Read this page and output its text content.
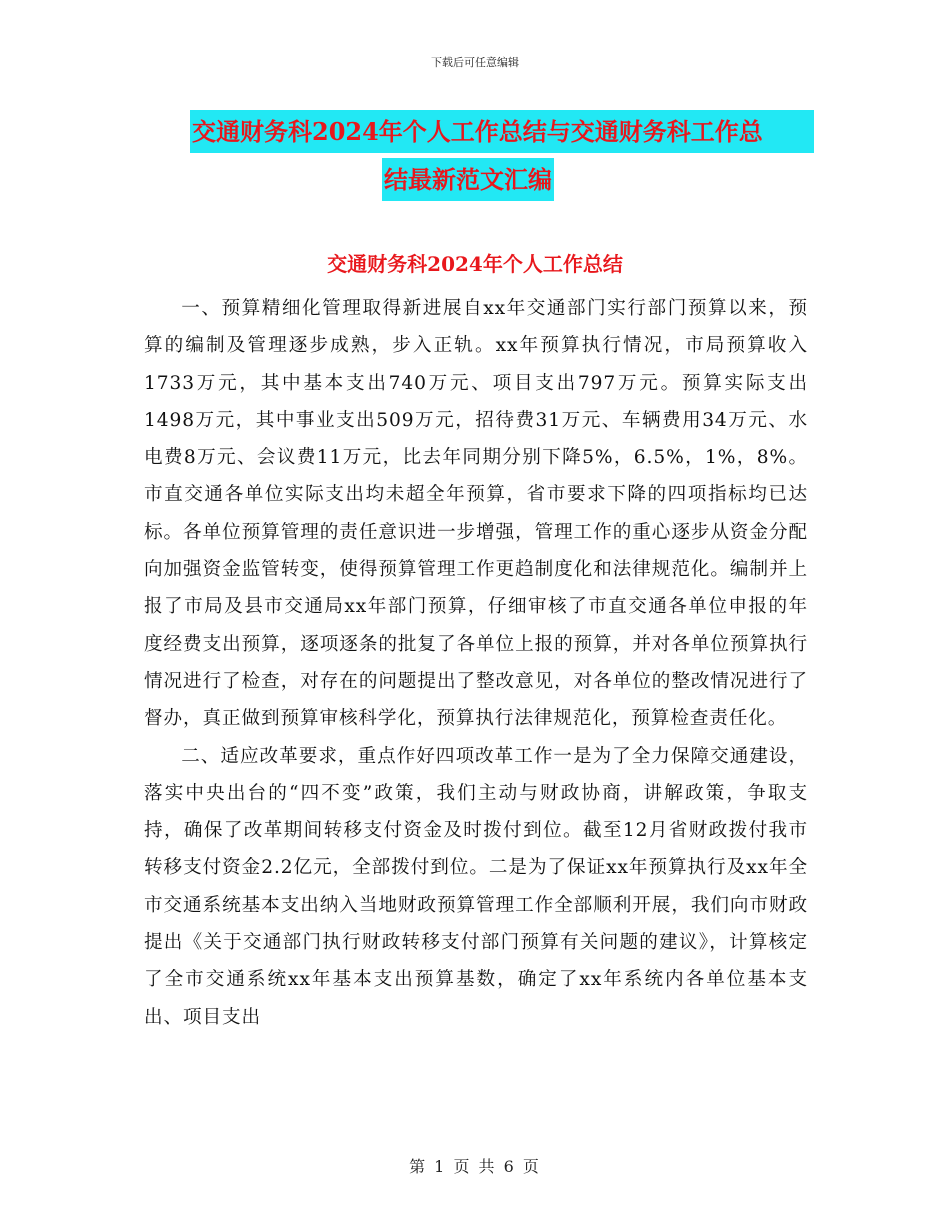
下载后可任意编辑
交通财务科2024年个人工作总结与交通财务科工作总
结最新范文汇编
交通财务科2024年个人工作总结

一、预算精细化管理取得新进展自xx年交通部门实行部门预算以来，预算的编制及管理逐步成熟，步入正轨。xx年预算执行情况，市局预算收入1733万元，其中基本支出740万元、项目支出797万元。预算实际支出1498万元，其中事业支出509万元，招待费31万元、车辆费用34万元、水电费8万元、会议费11万元，比去年同期分别下降5%，6.5%，1%，8%。市直交通各单位实际支出均未超全年预算，省市要求下降的四项指标均已达标。各单位预算管理的责任意识进一步增强，管理工作的重心逐步从资金分配向加强资金监管转变，使得预算管理工作更趋制度化和法律规范化。编制并上报了市局及县市交通局xx年部门预算，仔细审核了市直交通各单位申报的年度经费支出预算，逐项逐条的批复了各单位上报的预算，并对各单位预算执行情况进行了检查，对存在的问题提出了整改意见，对各单位的整改情况进行了督办，真正做到预算审核科学化，预算执行法律规范化，预算检查责任化。

二、适应改革要求，重点作好四项改革工作一是为了全力保障交通建设，落实中央出台的“四不变”政策，我们主动与财政协商，讲解政策，争取支持，确保了改革期间转移支付资金及时拨付到位。截至12月省财政拨付我市转移支付资金2.2亿元，全部拨付到位。二是为了保证xx年预算执行及xx年全市交通系统基本支出纳入当地财政预算管理工作全部顺利开展，我们向市财政提出《关于交通部门执行财政转移支付部门预算有关问题的建议》，计算核定了全市交通系统xx年基本支出预算基数，确定了xx年系统内各单位基本支出、项目支出

第 1 页 共 6 页
